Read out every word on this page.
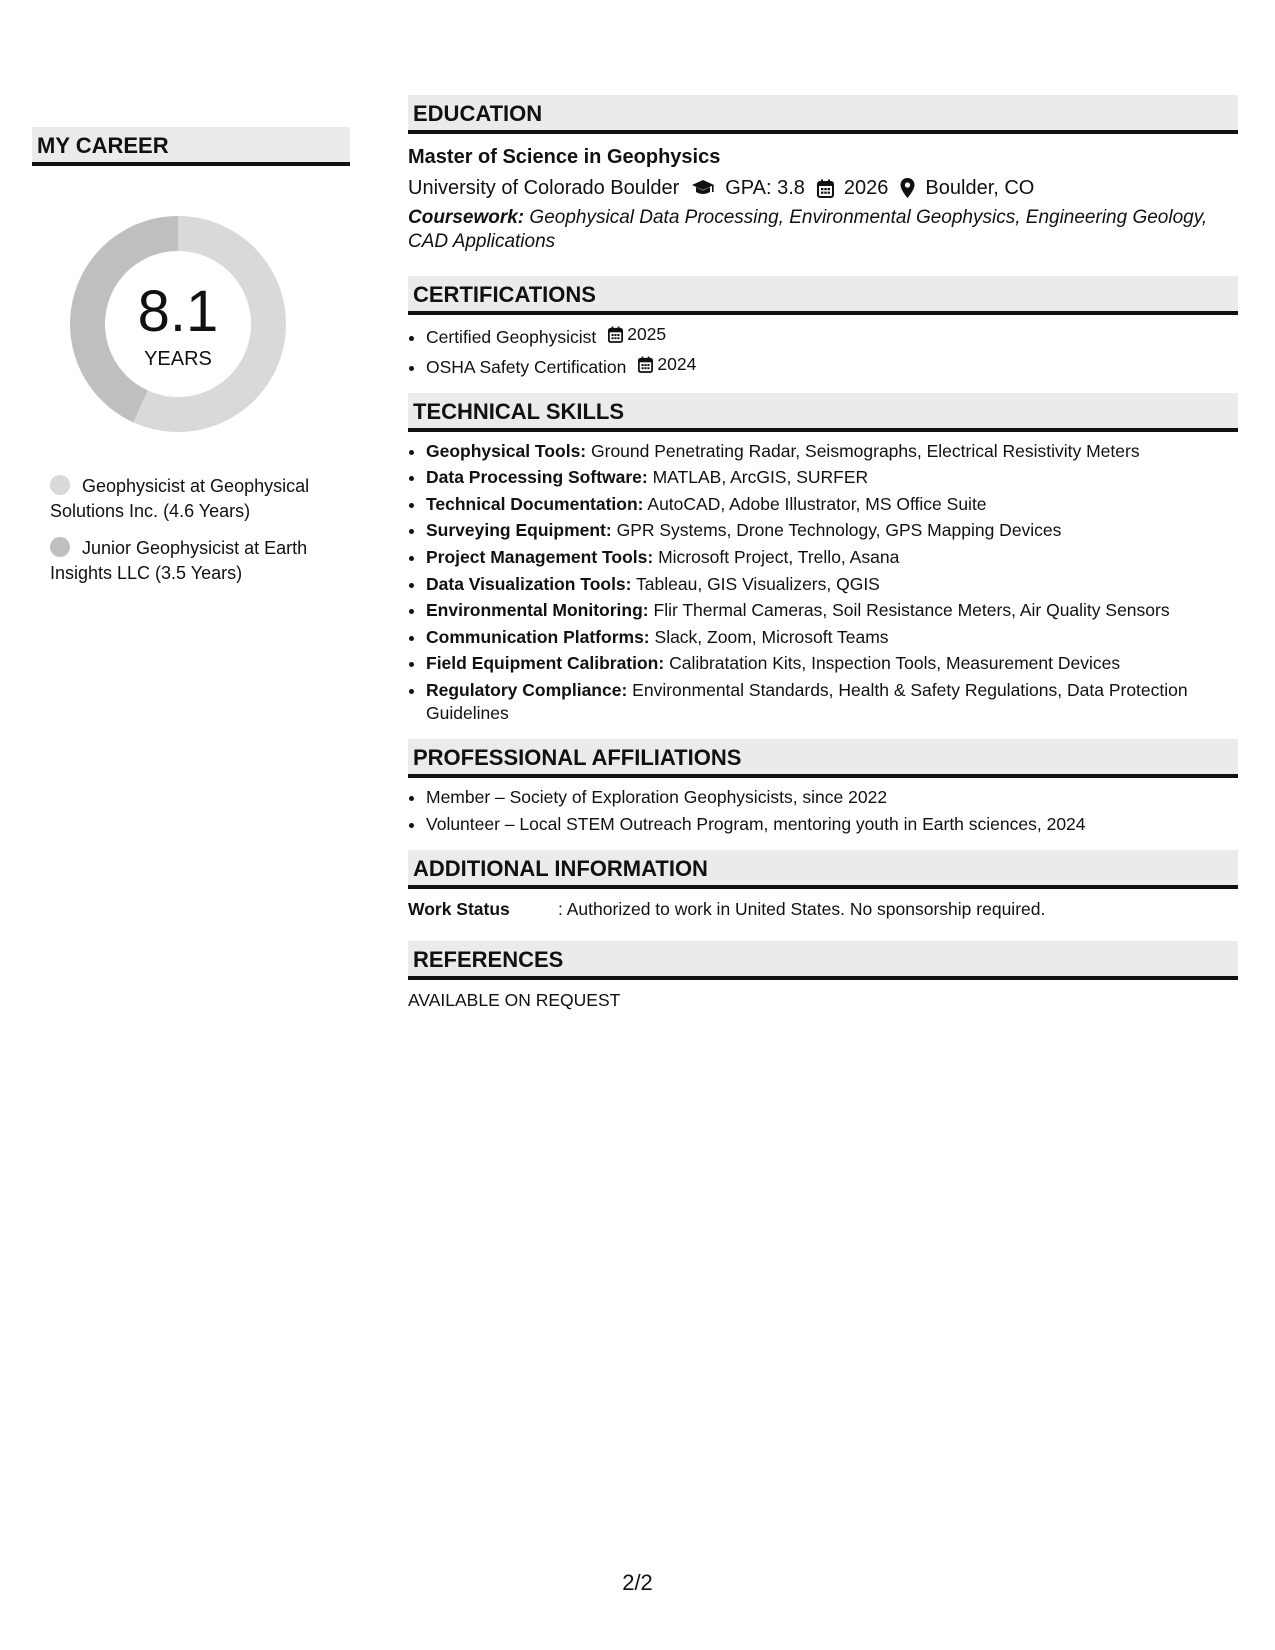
MY CAREER
8.1
YEARS
Geophysicist at Geophysical Solutions Inc. (4.6 Years)
Junior Geophysicist at Earth Insights LLC (3.5 Years)
EDUCATION
Master of Science in Geophysics
University of Colorado Boulder GPA: 3.8 2026 Boulder, CO
Coursework: Geophysical Data Processing, Environmental Geophysics, Engineering Geology, CAD Applications
CERTIFICATIONS
• Certified Geophysicist 2025
• OSHA Safety Certification 2024
TECHNICAL SKILLS
• Geophysical Tools: Ground Penetrating Radar, Seismographs, Electrical Resistivity Meters
• Data Processing Software: MATLAB, ArcGIS, SURFER
• Technical Documentation: AutoCAD, Adobe Illustrator, MS Office Suite
• Surveying Equipment: GPR Systems, Drone Technology, GPS Mapping Devices
• Project Management Tools: Microsoft Project, Trello, Asana
• Data Visualization Tools: Tableau, GIS Visualizers, QGIS
• Environmental Monitoring: Flir Thermal Cameras, Soil Resistance Meters, Air Quality Sensors
• Communication Platforms: Slack, Zoom, Microsoft Teams
• Field Equipment Calibration: Calibratation Kits, Inspection Tools, Measurement Devices
• Regulatory Compliance: Environmental Standards, Health & Safety Regulations, Data Protection Guidelines
PROFESSIONAL AFFILIATIONS
• Member – Society of Exploration Geophysicists, since 2022
• Volunteer – Local STEM Outreach Program, mentoring youth in Earth sciences, 2024
ADDITIONAL INFORMATION
Work Status	: Authorized to work in United States. No sponsorship required.
REFERENCES
AVAILABLE ON REQUEST
2/2
